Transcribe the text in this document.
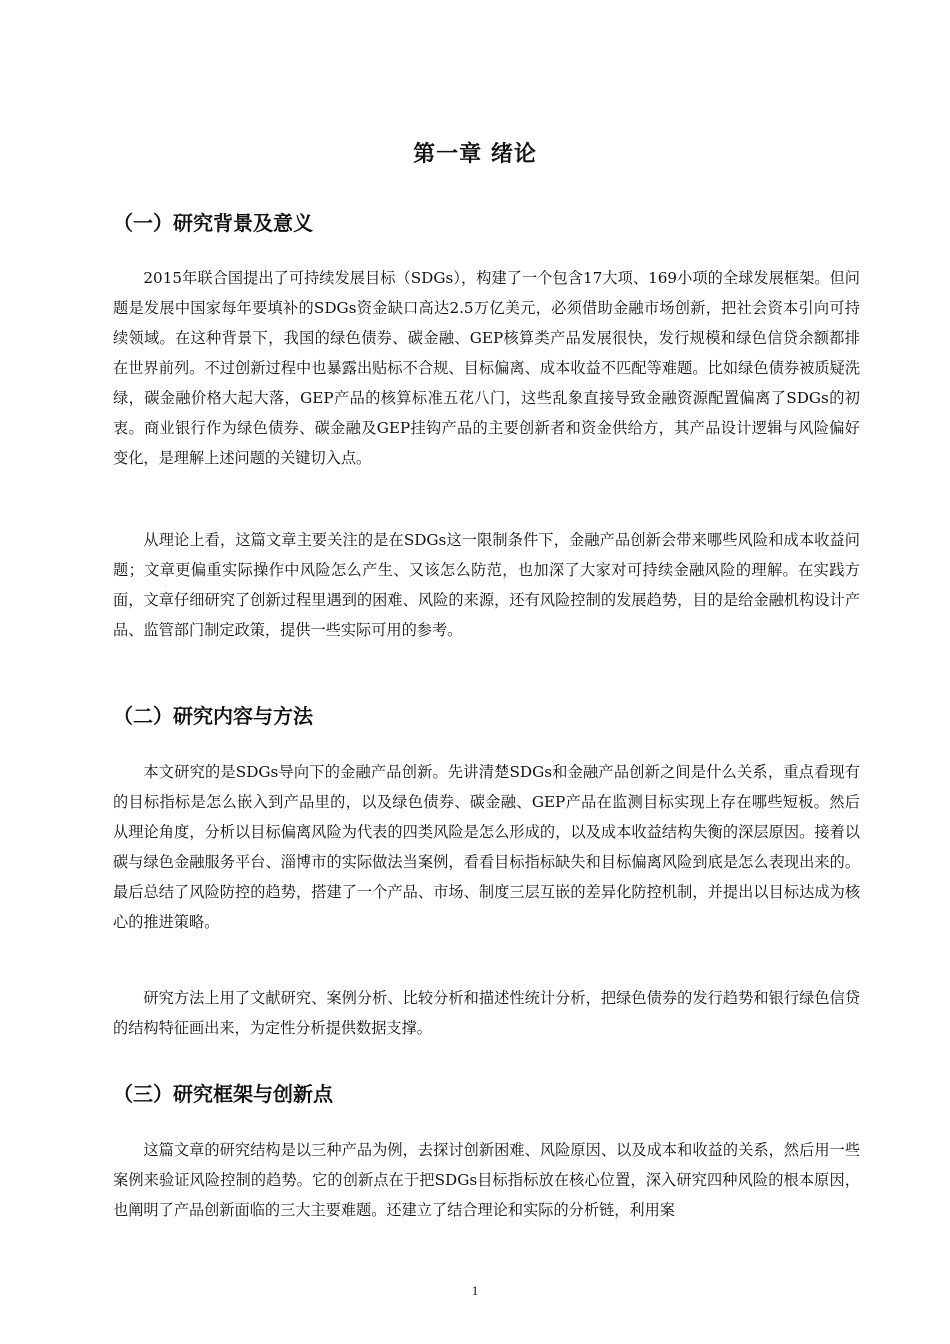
第一章 绪论
（一）研究背景及意义

2015年联合国提出了可持续发展目标（SDGs），构建了一个包含17大项、169小项的全球发展框架。但问题是发展中国家每年要填补的SDGs资金缺口高达2.5万亿美元，必须借助金融市场创新，把社会资本引向可持续领域。在这种背景下，我国的绿色债券、碳金融、GEP核算类产品发展很快，发行规模和绿色信贷余额都排在世界前列。不过创新过程中也暴露出贴标不合规、目标偏离、成本收益不匹配等难题。比如绿色债券被质疑洗绿，碳金融价格大起大落，GEP产品的核算标准五花八门，这些乱象直接导致金融资源配置偏离了SDGs的初衷。商业银行作为绿色债券、碳金融及GEP挂钩产品的主要创新者和资金供给方，其产品设计逻辑与风险偏好变化，是理解上述问题的关键切入点。

从理论上看，这篇文章主要关注的是在SDGs这一限制条件下，金融产品创新会带来哪些风险和成本收益问题；文章更偏重实际操作中风险怎么产生、又该怎么防范，也加深了大家对可持续金融风险的理解。在实践方面，文章仔细研究了创新过程里遇到的困难、风险的来源，还有风险控制的发展趋势，目的是给金融机构设计产品、监管部门制定政策，提供一些实际可用的参考。

（二）研究内容与方法

本文研究的是SDGs导向下的金融产品创新。先讲清楚SDGs和金融产品创新之间是什么关系，重点看现有的目标指标是怎么嵌入到产品里的，以及绿色债券、碳金融、GEP产品在监测目标实现上存在哪些短板。然后从理论角度，分析以目标偏离风险为代表的四类风险是怎么形成的，以及成本收益结构失衡的深层原因。接着以碳与绿色金融服务平台、淄博市的实际做法当案例，看看目标指标缺失和目标偏离风险到底是怎么表现出来的。最后总结了风险防控的趋势，搭建了一个产品、市场、制度三层互嵌的差异化防控机制，并提出以目标达成为核心的推进策略。

研究方法上用了文献研究、案例分析、比较分析和描述性统计分析，把绿色债券的发行趋势和银行绿色信贷的结构特征画出来，为定性分析提供数据支撑。

（三）研究框架与创新点

这篇文章的研究结构是以三种产品为例，去探讨创新困难、风险原因、以及成本和收益的关系，然后用一些案例来验证风险控制的趋势。它的创新点在于把SDGs目标指标放在核心位置，深入研究四种风险的根本原因，也阐明了产品创新面临的三大主要难题。还建立了结合理论和实际的分析链，利用案

1
